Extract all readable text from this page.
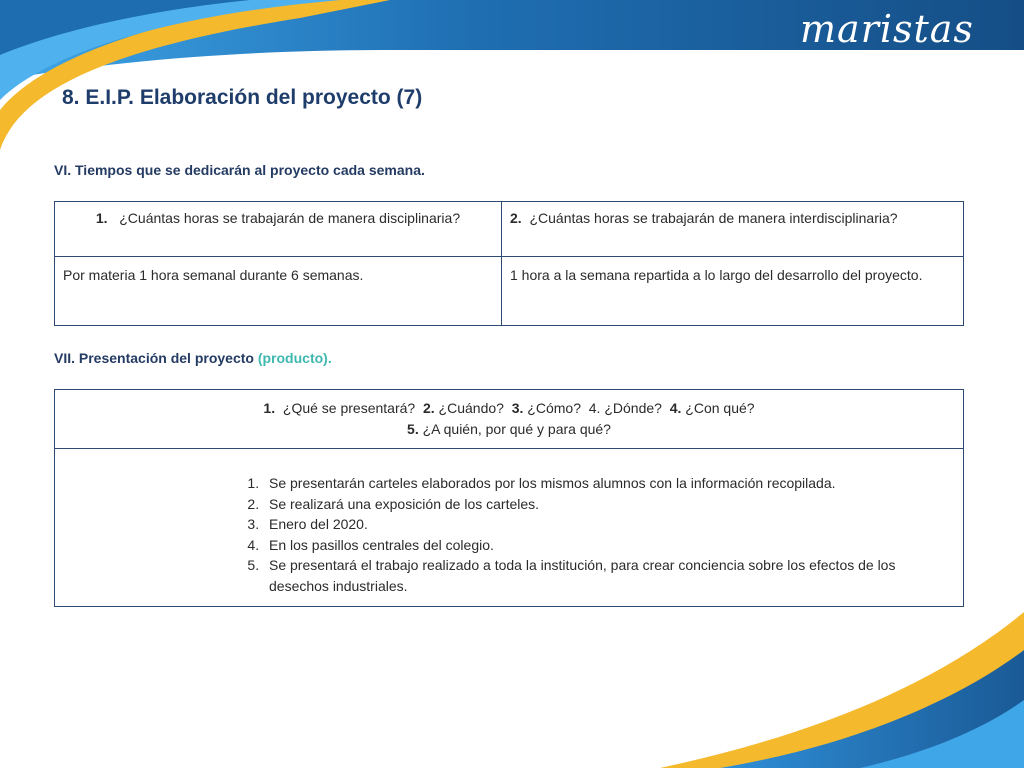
maristas
8. E.I.P. Elaboración del proyecto (7)
VI. Tiempos que se dedicarán al proyecto cada semana.
1. ¿Cuántas horas se trabajarán de manera disciplinaria?	2. ¿Cuántas horas se trabajarán de manera interdisciplinaria?
Por materia 1 hora semanal durante 6 semanas.	1 hora a la semana repartida a lo largo del desarrollo del proyecto.
VII. Presentación del proyecto (producto).
1. ¿Qué se presentará? 2. ¿Cuándo? 3. ¿Cómo? 4. ¿Dónde? 4. ¿Con qué?
5. ¿A quién, por qué y para qué?

1. Se presentarán carteles elaborados por los mismos alumnos con la información recopilada.
2. Se realizará una exposición de los carteles.
3. Enero del 2020.
4. En los pasillos centrales del colegio.
5. Se presentará el trabajo realizado a toda la institución, para crear conciencia sobre los efectos de los desechos industriales.
